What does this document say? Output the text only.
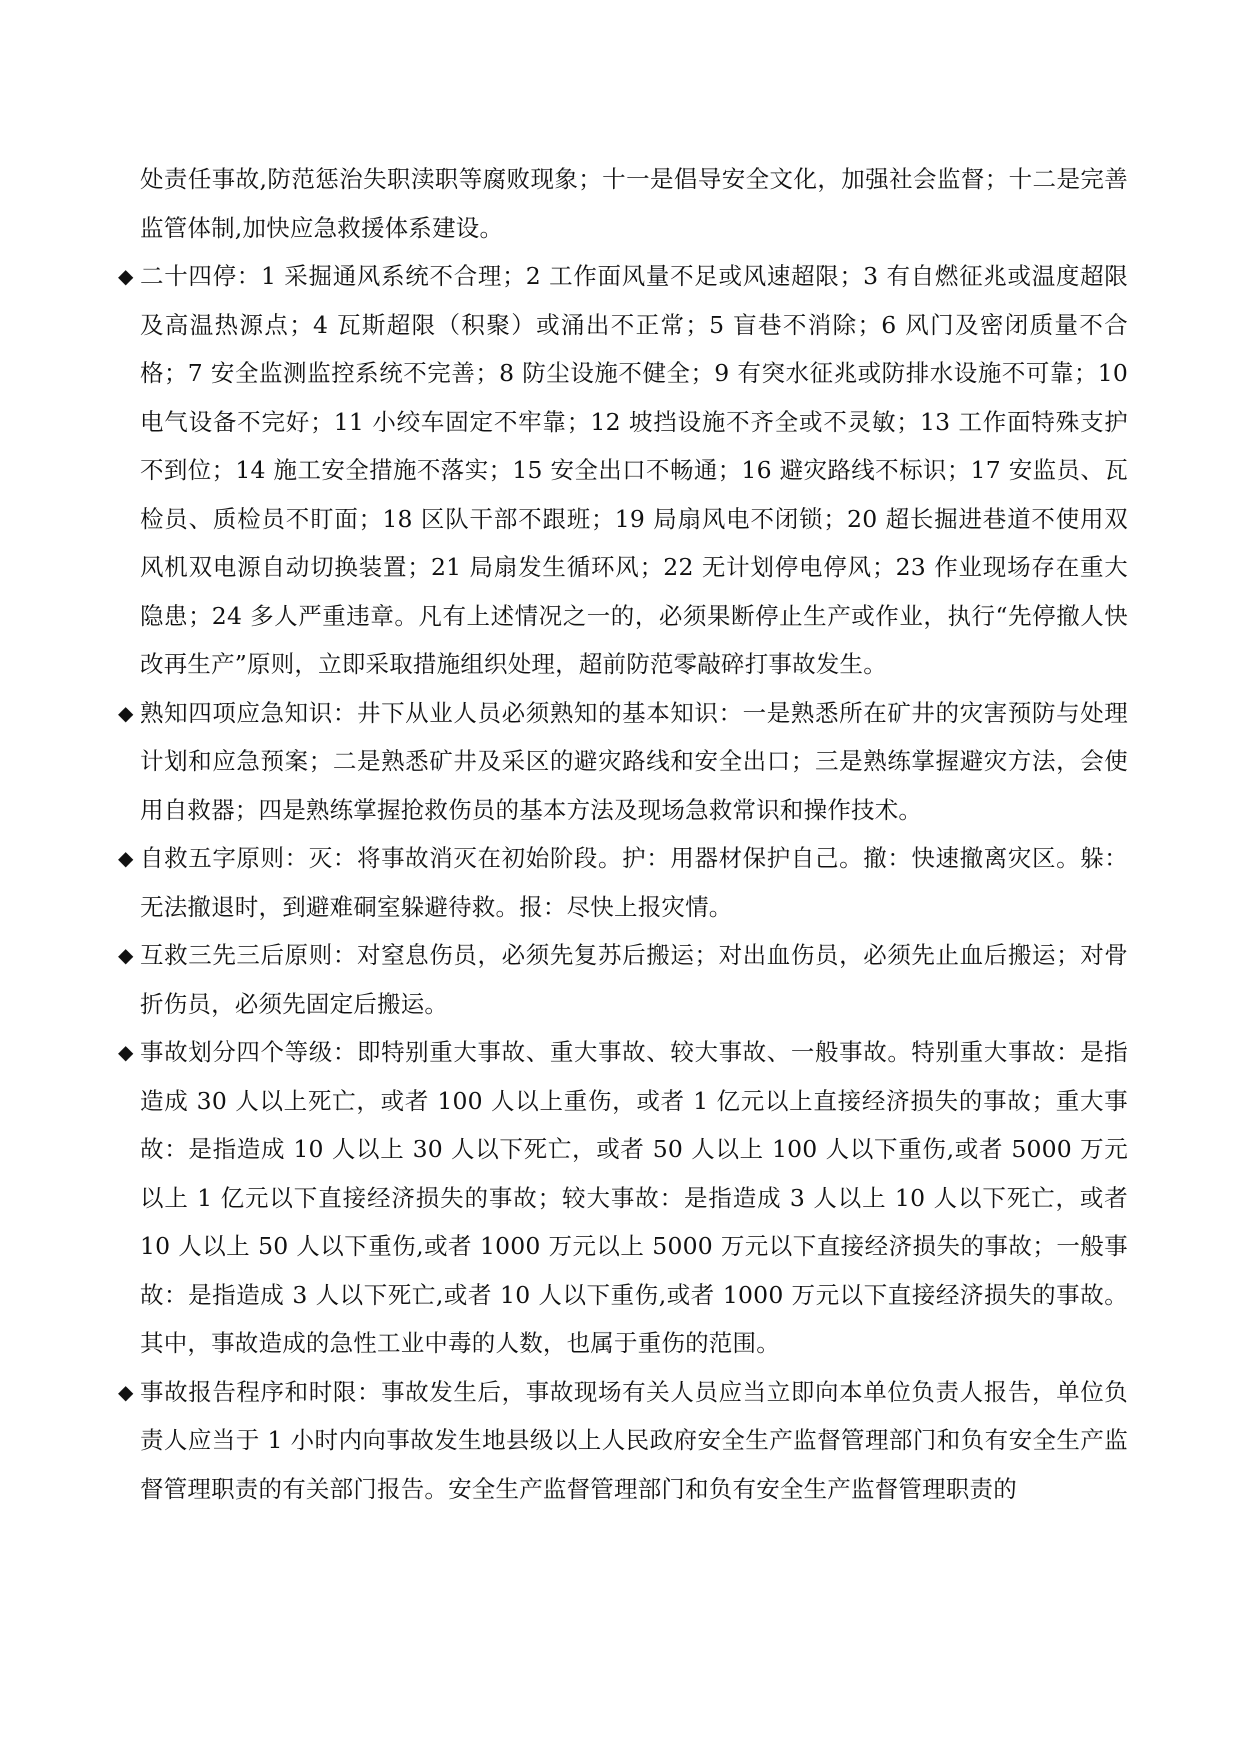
处责任事故,防范惩治失职渎职等腐败现象；十一是倡导安全文化，加强社会监督；十二是完善监管体制,加快应急救援体系建设。
◆ 二十四停：1 采掘通风系统不合理；2 工作面风量不足或风速超限；3 有自燃征兆或温度超限及高温热源点；4 瓦斯超限（积聚）或涌出不正常；5 盲巷不消除；6 风门及密闭质量不合格；7 安全监测监控系统不完善；8 防尘设施不健全；9 有突水征兆或防排水设施不可靠；10 电气设备不完好；11 小绞车固定不牢靠；12 坡挡设施不齐全或不灵敏；13 工作面特殊支护不到位；14 施工安全措施不落实；15 安全出口不畅通；16 避灾路线不标识；17 安监员、瓦检员、质检员不盯面；18 区队干部不跟班；19 局扇风电不闭锁；20 超长掘进巷道不使用双风机双电源自动切换装置；21 局扇发生循环风；22 无计划停电停风；23 作业现场存在重大隐患；24 多人严重违章。凡有上述情况之一的，必须果断停止生产或作业，执行“先停撤人快改再生产”原则，立即采取措施组织处理，超前防范零敲碎打事故发生。
◆ 熟知四项应急知识：井下从业人员必须熟知的基本知识：一是熟悉所在矿井的灾害预防与处理计划和应急预案；二是熟悉矿井及采区的避灾路线和安全出口；三是熟练掌握避灾方法，会使用自救器；四是熟练掌握抢救伤员的基本方法及现场急救常识和操作技术。
◆ 自救五字原则：灭：将事故消灭在初始阶段。护：用器材保护自己。撤：快速撤离灾区。躲：无法撤退时，到避难硐室躲避待救。报：尽快上报灾情。
◆ 互救三先三后原则：对窒息伤员，必须先复苏后搬运；对出血伤员，必须先止血后搬运；对骨折伤员，必须先固定后搬运。
◆ 事故划分四个等级：即特别重大事故、重大事故、较大事故、一般事故。特别重大事故：是指造成 30 人以上死亡，或者 100 人以上重伤，或者 1 亿元以上直接经济损失的事故；重大事故：是指造成 10 人以上 30 人以下死亡，或者 50 人以上 100 人以下重伤,或者 5000 万元以上 1 亿元以下直接经济损失的事故；较大事故：是指造成 3 人以上 10 人以下死亡，或者 10 人以上 50 人以下重伤,或者 1000 万元以上 5000 万元以下直接经济损失的事故；一般事故：是指造成 3 人以下死亡,或者 10 人以下重伤,或者 1000 万元以下直接经济损失的事故。其中，事故造成的急性工业中毒的人数，也属于重伤的范围。
◆ 事故报告程序和时限：事故发生后，事故现场有关人员应当立即向本单位负责人报告，单位负责人应当于 1 小时内向事故发生地县级以上人民政府安全生产监督管理部门和负有安全生产监督管理职责的有关部门报告。安全生产监督管理部门和负有安全生产监督管理职责的
